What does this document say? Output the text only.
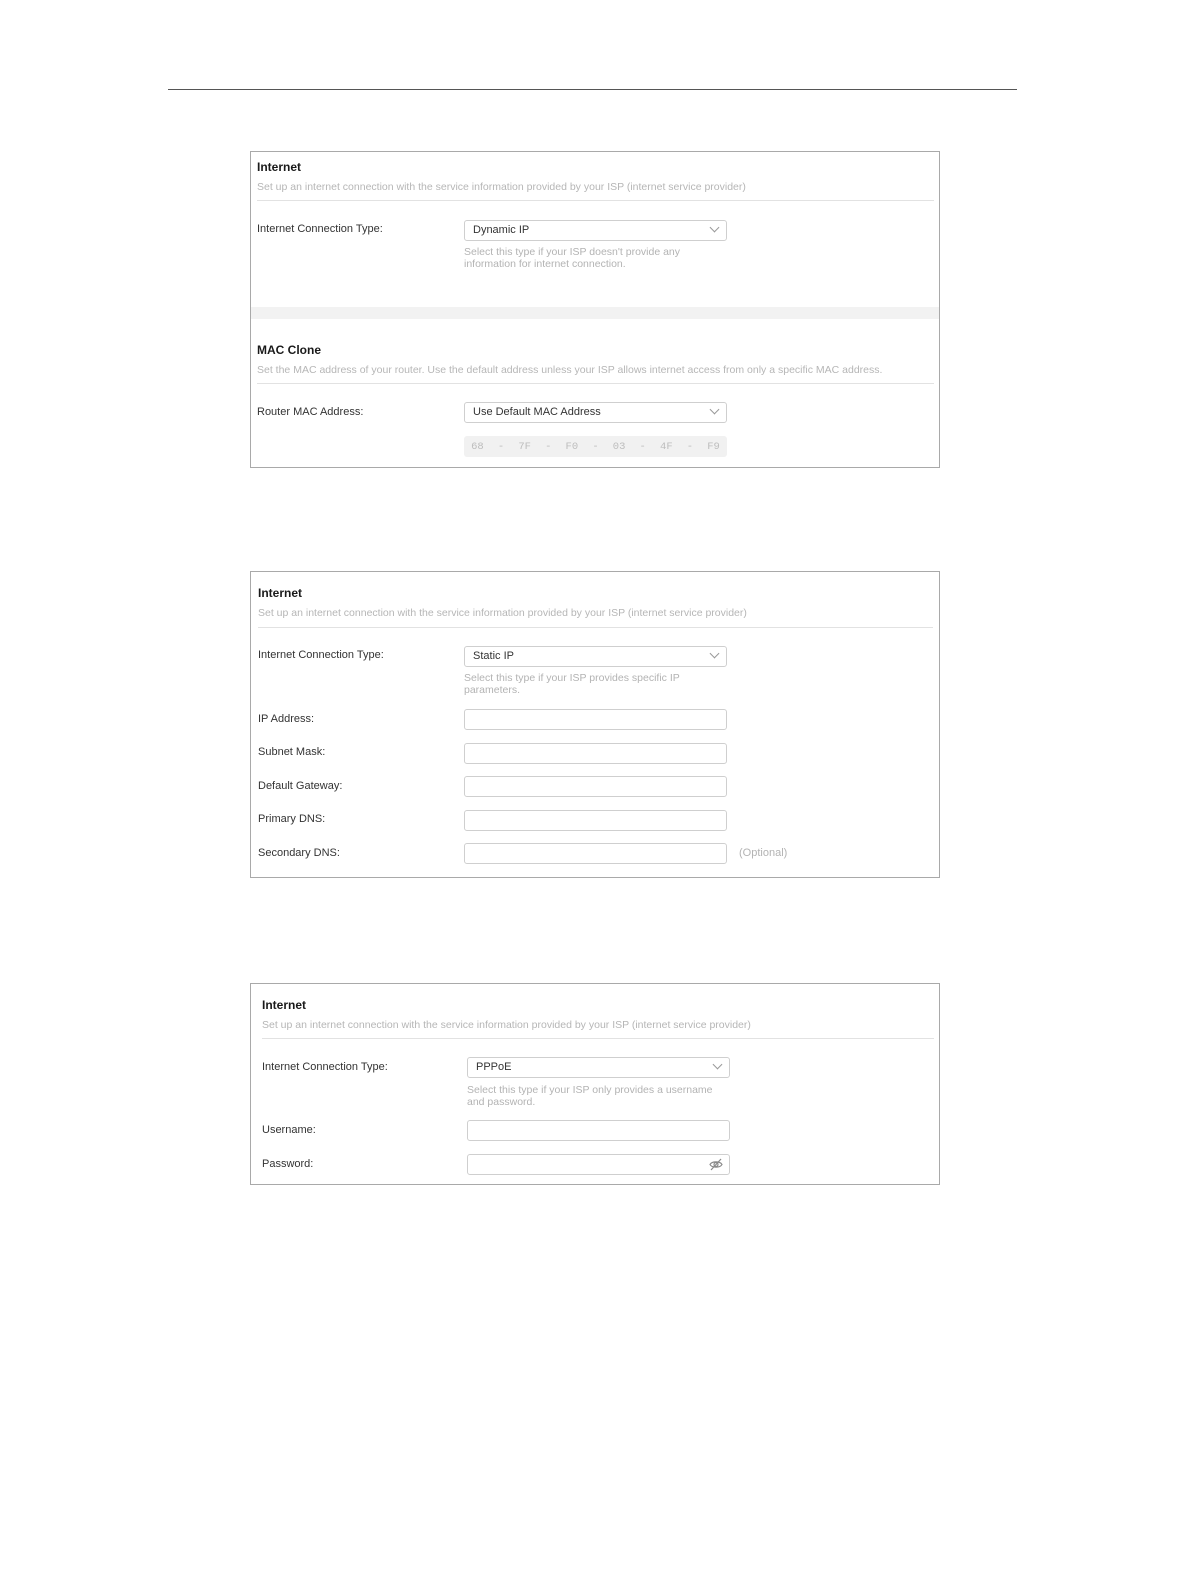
Internet
Set up an internet connection with the service information provided by your ISP (internet service provider)
Internet Connection Type:	Dynamic IP
Select this type if your ISP doesn't provide any information for internet connection.
MAC Clone
Set the MAC address of your router. Use the default address unless your ISP allows internet access from only a specific MAC address.
Router MAC Address:	Use Default MAC Address
68 - 7F - F0 - 03 - 4F - F9
Internet
Set up an internet connection with the service information provided by your ISP (internet service provider)
Internet Connection Type:	Static IP
Select this type if your ISP provides specific IP parameters.
IP Address:
Subnet Mask:
Default Gateway:
Primary DNS:
Secondary DNS:	(Optional)
Internet
Set up an internet connection with the service information provided by your ISP (internet service provider)
Internet Connection Type:	PPPoE
Select this type if your ISP only provides a username and password.
Username:
Password:
